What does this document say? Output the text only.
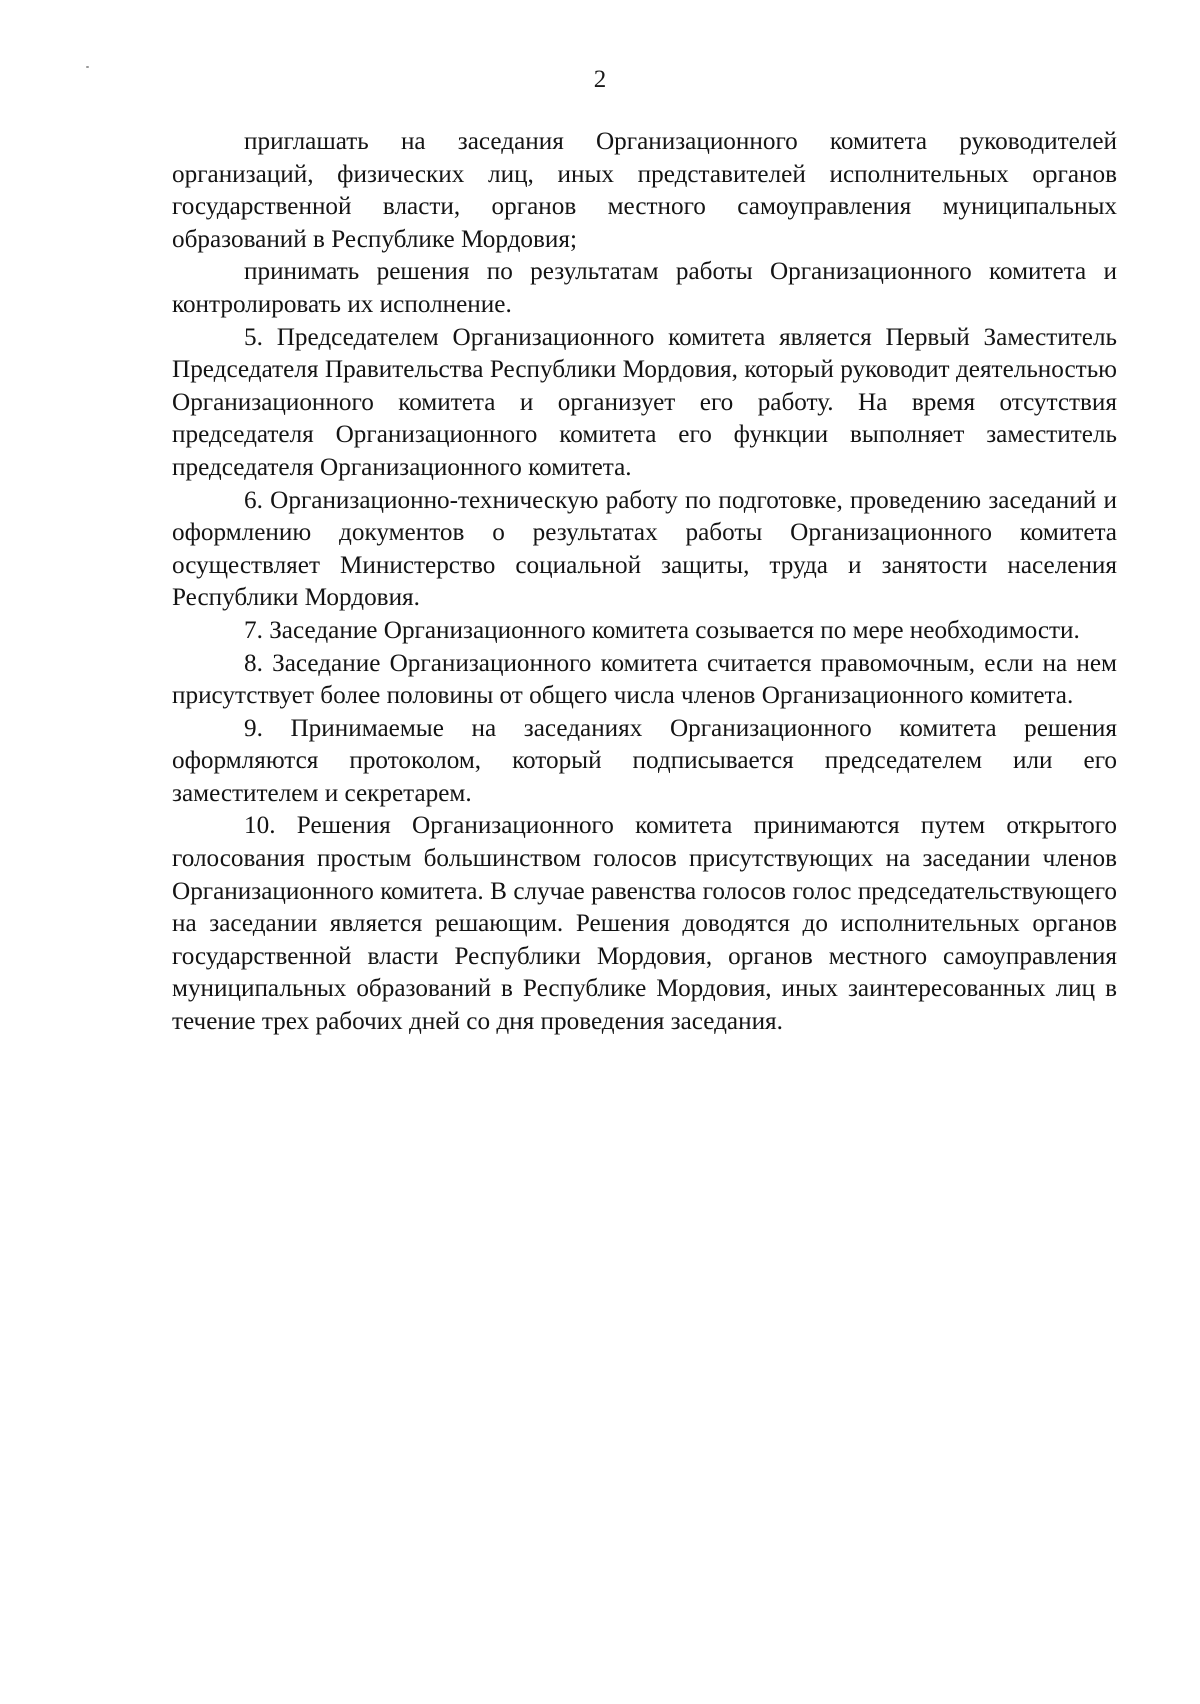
2

приглашать на заседания Организационного комитета руководителей организаций, физических лиц, иных представителей исполнительных органов государственной власти, органов местного самоуправления муниципальных образований в Республике Мордовия;

принимать решения по результатам работы Организационного комитета и контролировать их исполнение.

5. Председателем Организационного комитета является Первый Заместитель Председателя Правительства Республики Мордовия, который руководит деятельностью Организационного комитета и организует его работу. На время отсутствия председателя Организационного комитета его функции выполняет заместитель председателя Организационного комитета.

6. Организационно-техническую работу по подготовке, проведению заседаний и оформлению документов о результатах работы Организационного комитета осуществляет Министерство социальной защиты, труда и занятости населения Республики Мордовия.

7. Заседание Организационного комитета созывается по мере необходимости.

8. Заседание Организационного комитета считается правомочным, если на нем присутствует более половины от общего числа членов Организационного комитета.

9. Принимаемые на заседаниях Организационного комитета решения оформляются протоколом, который подписывается председателем или его заместителем и секретарем.

10. Решения Организационного комитета принимаются путем открытого голосования простым большинством голосов присутствующих на заседании членов Организационного комитета. В случае равенства голосов голос председательствующего на заседании является решающим. Решения доводятся до исполнительных органов государственной власти Республики Мордовия, органов местного самоуправления муниципальных образований в Республике Мордовия, иных заинтересованных лиц в течение трех рабочих дней со дня проведения заседания.
